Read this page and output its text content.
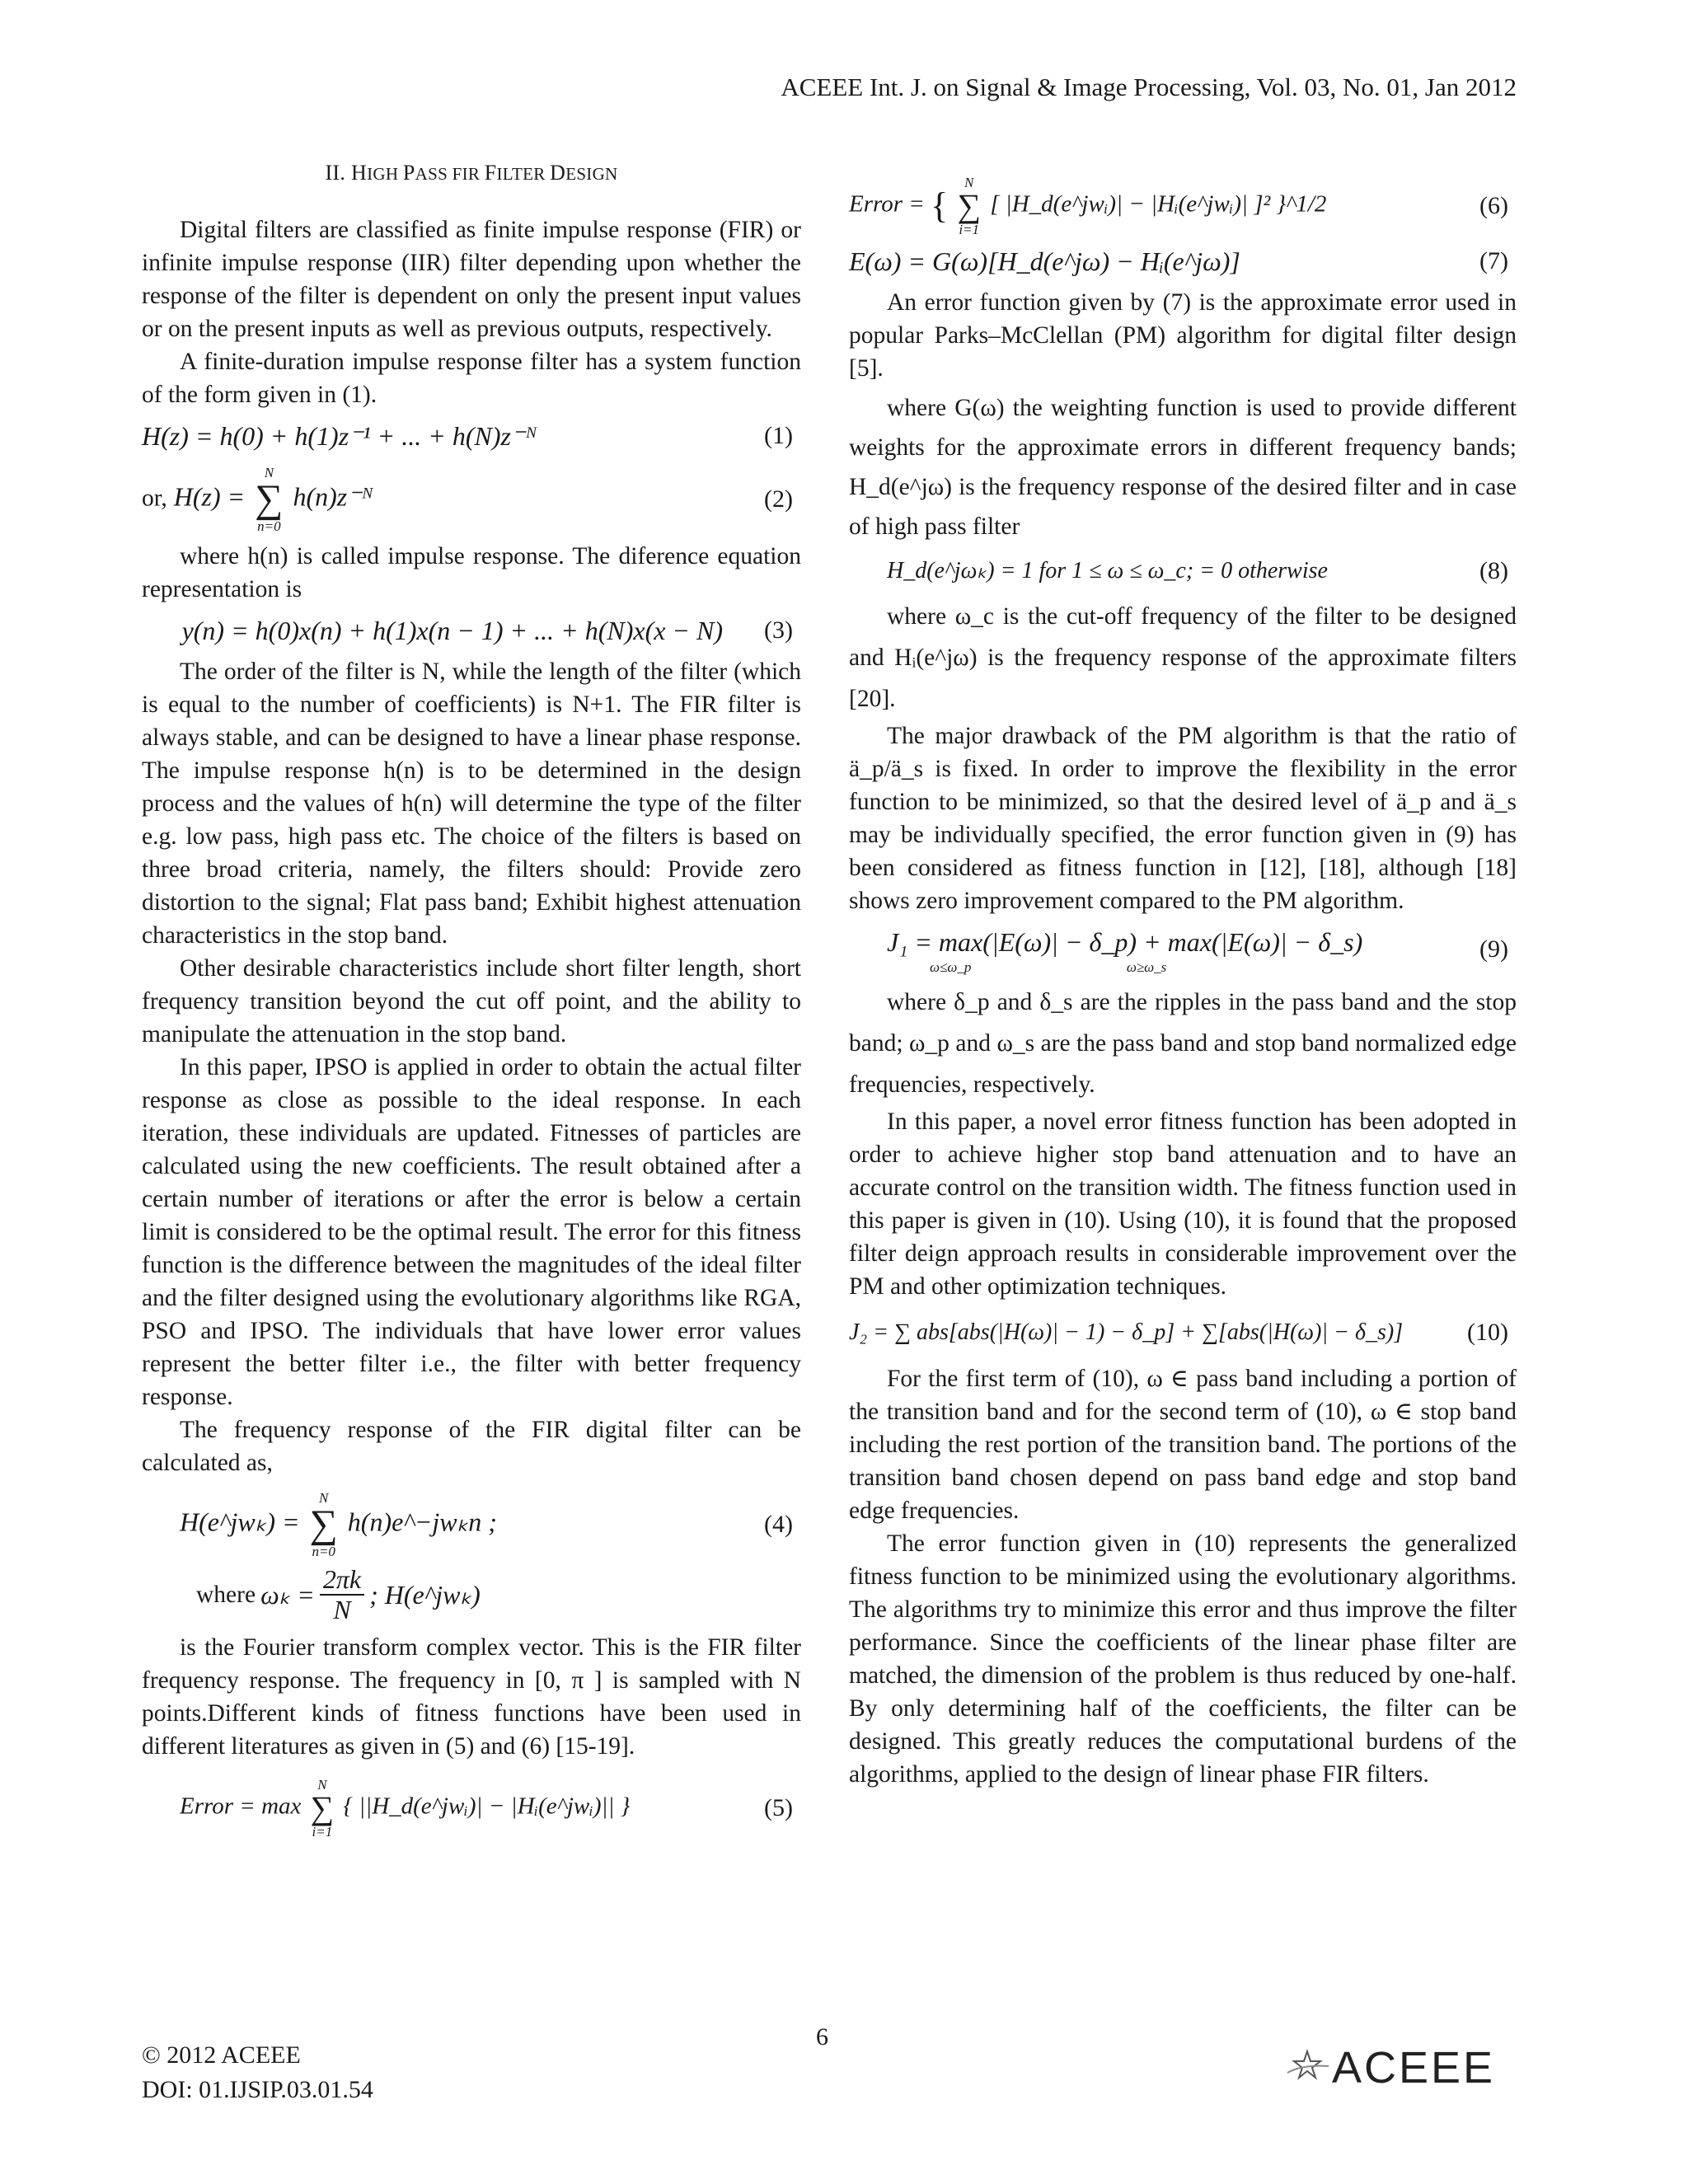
ACEEE Int. J. on Signal & Image Processing, Vol. 03, No. 01, Jan 2012
II. HIGH PASS FIR FILTER DESIGN

Digital filters are classified as finite impulse response (FIR) or infinite impulse response (IIR) filter depending upon whether the response of the filter is dependent on only the present input values or on the present inputs as well as previous outputs, respectively.

A finite-duration impulse response filter has a system function of the form given in (1).

H(z) = h(0) + h(1)z⁻¹ + ... + h(N)z⁻ᴺ	(1)
or, H(z) =
N
∑
n=0
h(n)z⁻ᴺ	(2)

where h(n) is called impulse response. The diference equation representation is

y(n) = h(0)x(n) + h(1)x(n − 1) + ... + h(N)x(x − N) (3)

The order of the filter is N, while the length of the filter (which is equal to the number of coefficients) is N+1. The FIR filter is always stable, and can be designed to have a linear phase response. The impulse response h(n) is to be determined in the design process and the values of h(n) will determine the type of the filter e.g. low pass, high pass etc. The choice of the filters is based on three broad criteria, namely, the filters should: Provide zero distortion to the signal; Flat pass band; Exhibit highest attenuation characteristics in the stop band.

Other desirable characteristics include short filter length, short frequency transition beyond the cut off point, and the ability to manipulate the attenuation in the stop band.

In this paper, IPSO is applied in order to obtain the actual filter response as close as possible to the ideal response. In each iteration, these individuals are updated. Fitnesses of particles are calculated using the new coefficients. The result obtained after a certain number of iterations or after the error is below a certain limit is considered to be the optimal result. The error for this fitness function is the difference between the magnitudes of the ideal filter and the filter designed using the evolutionary algorithms like RGA, PSO and IPSO. The individuals that have lower error values represent the better filter i.e., the filter with better frequency response.

The frequency response of the FIR digital filter can be calculated as,

H(e^jwₖ) =
N
∑
n=0
h(n)e^−jwₖn ;	(4)
where $\omega_k = \frac{2\pi k}{N}$ ; H(e^jwₖ)

is the Fourier transform complex vector. This is the FIR filter frequency response. The frequency in [0, π ] is sampled with N points.Different kinds of fitness functions have been used in different literatures as given in (5) and (6) [15-19].

Error = max
N
∑
i=1
{ ||H_d(e^jwᵢ)| − |Hᵢ(e^jwᵢ)|| }	(5)
Error = {
N
∑
i=1
[ |H_d(e^jwᵢ)| − |Hᵢ(e^jwᵢ)| ]² }^1/2	(6)
E(ω) = G(ω)[H_d(e^jω) − Hᵢ(e^jω)]	(7)

An error function given by (7) is the approximate error used in popular Parks–McClellan (PM) algorithm for digital filter design [5].

where G(ω) the weighting function is used to provide different weights for the approximate errors in different frequency bands; H_d(e^jω) is the frequency response of the desired filter and in case of high pass filter

H_d(e^jωₖ) = 1 for 1 ≤ ω ≤ ω_c; = 0 otherwise	(8)

where ω_c is the cut-off frequency of the filter to be designed and Hᵢ(e^jω) is the frequency response of the approximate filters [20].

The major drawback of the PM algorithm is that the ratio of ä_p/ä_s is fixed. In order to improve the flexibility in the error function to be minimized, so that the desired level of ä_p and ä_s may be individually specified, the error function given in (9) has been considered as fitness function in [12], [18], although [18] shows zero improvement compared to the PM algorithm.

J₁ = max(|E(ω)| − δ_p) + max(|E(ω)| − δ_s)
ω≤ω_p	ω≥ω_s
(9)

where δ_p and δ_s are the ripples in the pass band and the stop band; ω_p and ω_s are the pass band and stop band normalized edge frequencies, respectively.

In this paper, a novel error fitness function has been adopted in order to achieve higher stop band attenuation and to have an accurate control on the transition width. The fitness function used in this paper is given in (10). Using (10), it is found that the proposed filter deign approach results in considerable improvement over the PM and other optimization techniques.

J₂ = ∑ abs[abs(|H(ω)| − 1) − δ_p] + ∑[abs(|H(ω)| − δ_s)]	(10)

For the first term of (10), ω ∈ pass band including a portion of the transition band and for the second term of (10), ω ∈ stop band including the rest portion of the transition band. The portions of the transition band chosen depend on pass band edge and stop band edge frequencies.

The error function given in (10) represents the generalized fitness function to be minimized using the evolutionary algorithms. The algorithms try to minimize this error and thus improve the filter performance. Since the coefficients of the linear phase filter are matched, the dimension of the problem is thus reduced by one-half. By only determining half of the coefficients, the filter can be designed. This greatly reduces the computational burdens of the algorithms, applied to the design of linear phase FIR filters.

© 2012 ACEEE
DOI: 01.IJSIP.03.01.54
6
ACEEE
